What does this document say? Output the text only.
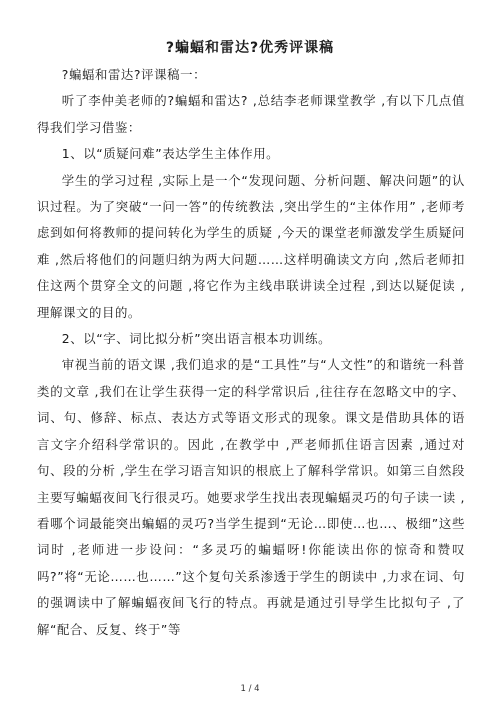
?蝙蝠和雷达?优秀评课稿

?蝙蝠和雷达?评课稿一：

听了李仲美老师的?蝙蝠和雷达? ,总结李老师课堂教学 ,有以下几点值得我们学习借鉴：

1、以“质疑问难”表达学生主体作用。

学生的学习过程 ,实际上是一个“发现问题、分析问题、解决问题”的认识过程。为了突破“一问一答”的传统教法 ,突出学生的“主体作用” ,老师考虑到如何将教师的提问转化为学生的质疑 ,今天的课堂老师激发学生质疑问难 ,然后将他们的问题归纳为两大问题……这样明确读文方向 ,然后老师扣住这两个贯穿全文的问题 ,将它作为主线串联讲读全过程 ,到达以疑促读 ,理解课文的目的。

2、以“字、词比拟分析”突出语言根本功训练。

审视当前的语文课 ,我们追求的是“工具性”与“人文性”的和谐统一科普类的文章 ,我们在让学生获得一定的科学常识后 ,往往存在忽略文中的字、词、句、修辞、标点、表达方式等语文形式的现象。课文是借助具体的语言文字介绍科学常识的。因此 ,在教学中 ,严老师抓住语言因素 ,通过对句、段的分析 ,学生在学习语言知识的根底上了解科学常识。如第三自然段主要写蝙蝠夜间飞行很灵巧。她要求学生找出表现蝙蝠灵巧的句子读一读 ,看哪个词最能突出蝙蝠的灵巧?当学生提到“无论…即使…也…、极细”这些词时 ,老师进一步设问：“多灵巧的蝙蝠呀!你能读出你的惊奇和赞叹吗?”将“无论……也……”这个复句关系渗透于学生的朗读中 ,力求在词、句的强调读中了解蝙蝠夜间飞行的特点。再就是通过引导学生比拟句子 ,了解“配合、反复、终于”等

1 / 4
